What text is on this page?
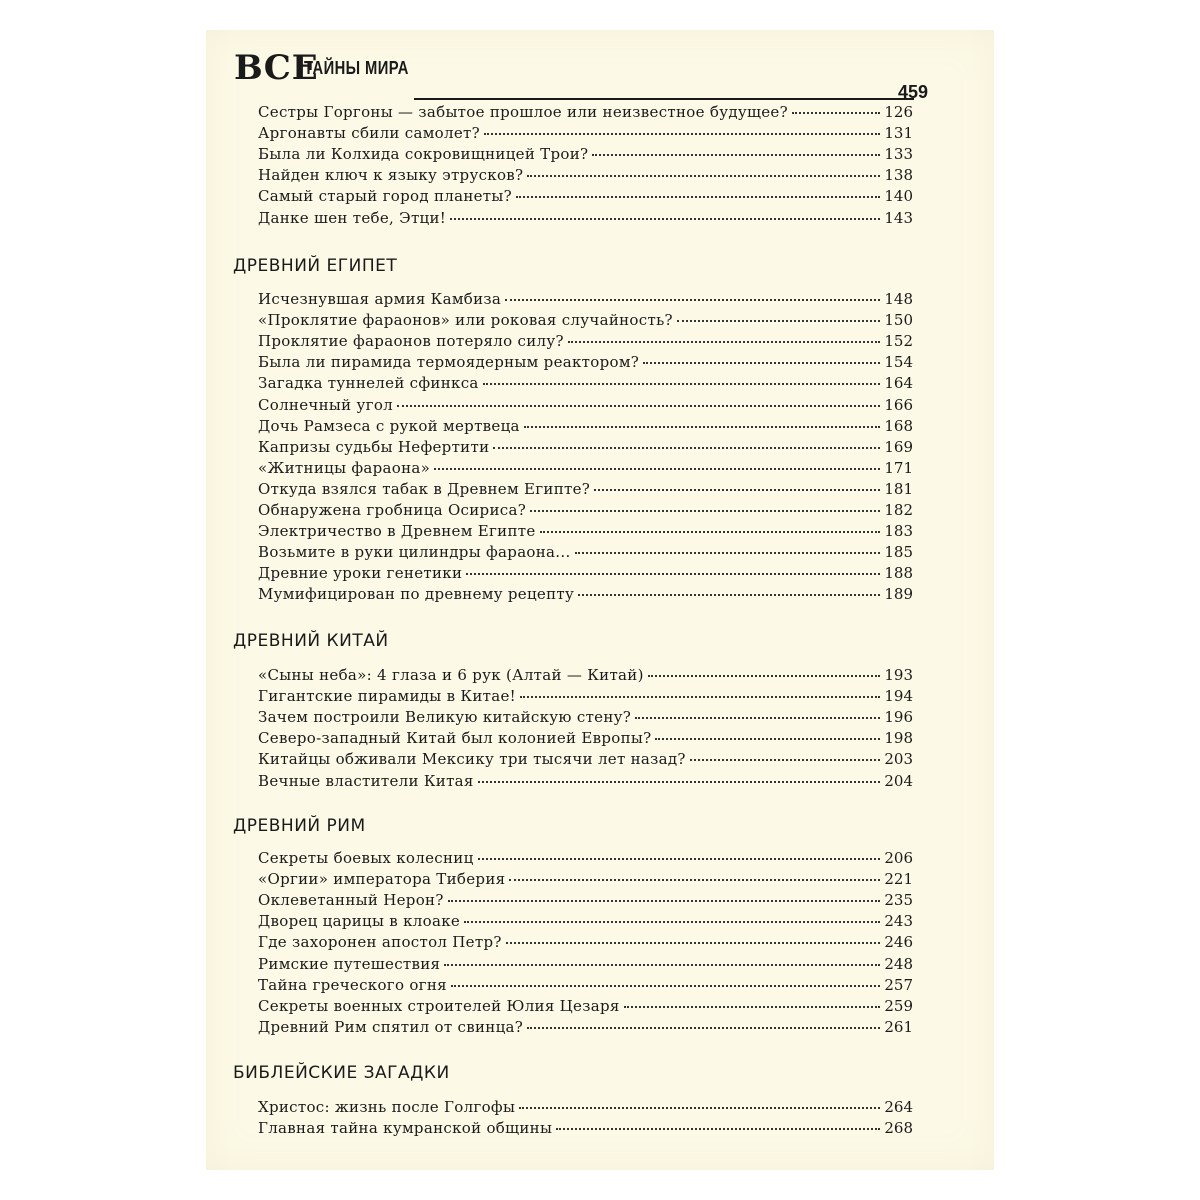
ВСЕ
ТАЙНЫ МИРА
459
Сестры Горгоны — забытое прошлое или неизвестное будущее?	126
Аргонавты сбили самолет?	131
Была ли Колхида сокровищницей Трои?	133
Найден ключ к языку этрусков?	138
Самый старый город планеты?	140
Данке шен тебе, Этци!	143
ДРЕВНИЙ ЕГИПЕТ
Исчезнувшая армия Камбиза	148
«Проклятие фараонов» или роковая случайность?	150
Проклятие фараонов потеряло силу?	152
Была ли пирамида термоядерным реактором?	154
Загадка туннелей сфинкса	164
Солнечный угол	166
Дочь Рамзеса с рукой мертвеца	168
Капризы судьбы Нефертити	169
«Житницы фараона»	171
Откуда взялся табак в Древнем Египте?	181
Обнаружена гробница Осириса?	182
Электричество в Древнем Египте	183
Возьмите в руки цилиндры фараона...	185
Древние уроки генетики	188
Мумифицирован по древнему рецепту	189
ДРЕВНИЙ КИТАЙ
«Сыны неба»: 4 глаза и 6 рук (Алтай — Китай)	193
Гигантские пирамиды в Китае!	194
Зачем построили Великую китайскую стену?	196
Северо-западный Китай был колонией Европы?	198
Китайцы обживали Мексику три тысячи лет назад?	203
Вечные властители Китая	204
ДРЕВНИЙ РИМ
Секреты боевых колесниц	206
«Оргии» императора Тиберия	221
Оклеветанный Нерон?	235
Дворец царицы в клоаке	243
Где захоронен апостол Петр?	246
Римские путешествия	248
Тайна греческого огня	257
Секреты военных строителей Юлия Цезаря	259
Древний Рим спятил от свинца?	261
БИБЛЕЙСКИЕ ЗАГАДКИ
Христос: жизнь после Голгофы	264
Главная тайна кумранской общины	268
